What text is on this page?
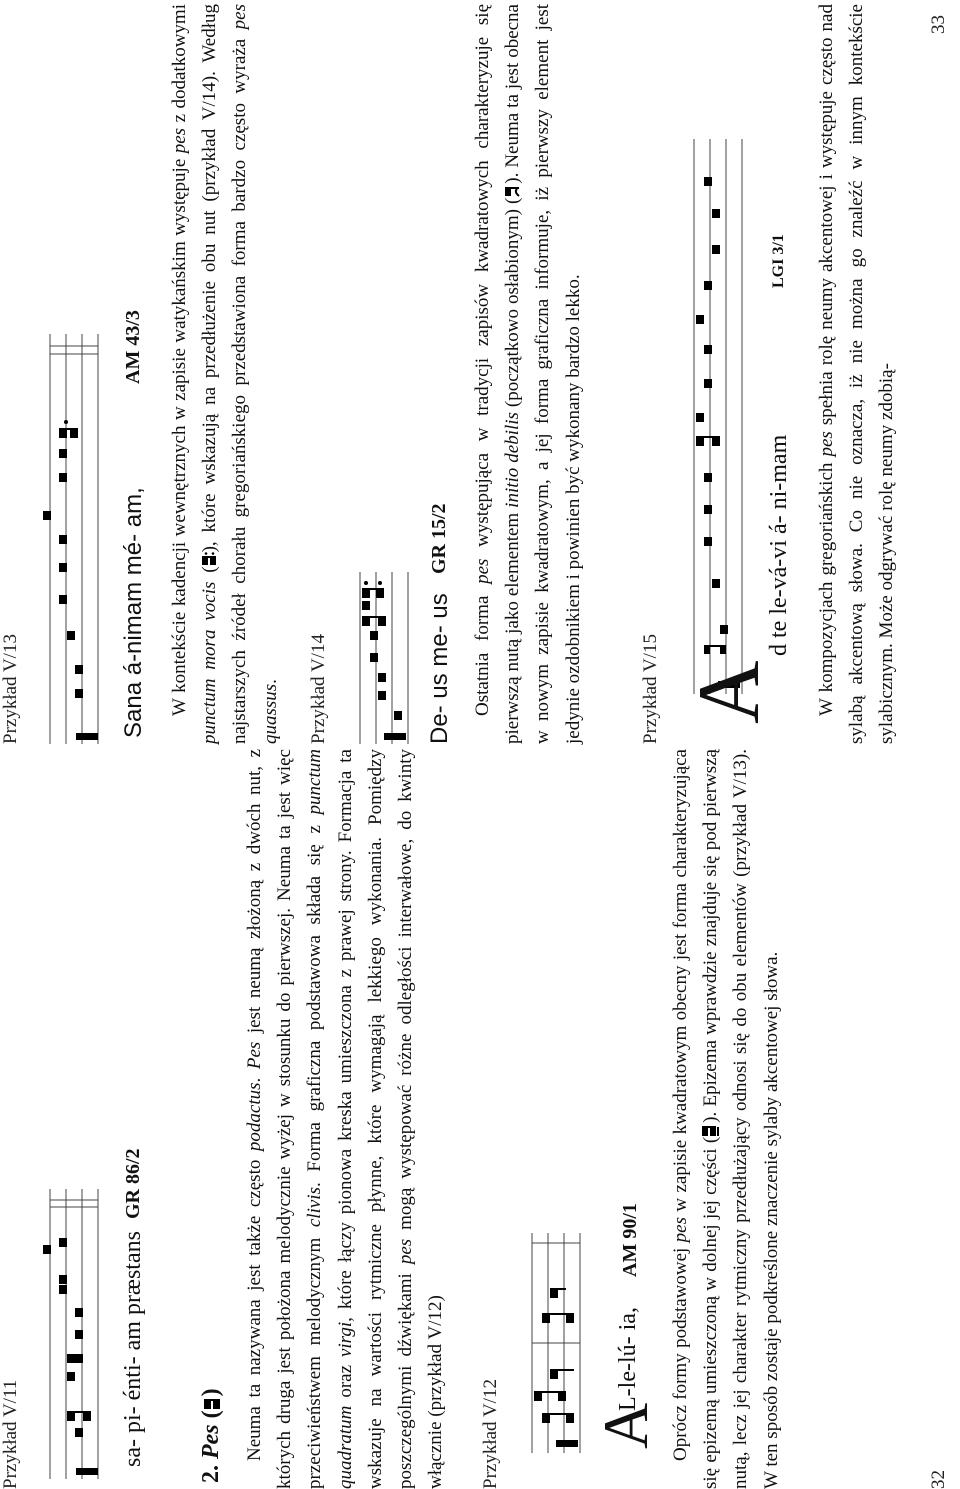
Przykład V/11	sa- pi- énti- am præstans
GR 86/2
2. Pes () Neuma ta nazywana jest także często podactus. Pes jest neumą złożoną z dwóch nut, z których druga jest położona melodycznie wyżej w stosunku do pierwszej. Neuma ta jest więc przeciwieństwem melodycznym clivis. Forma graficzna podstawowa składa się z punctum quadratum oraz virgi, które łączy pionowa kreska umieszczona z prawej strony. Formacja ta wskazuje na wartości rytmiczne płynne, które wymagają lekkiego wykonania. Pomiędzy poszczególnymi dźwiękami pes mogą występować różne odległości interwałowe, do kwinty włącznie (przykład V/12) Przykład V/12 A
L-le-lú- ia,
AM 90/1

Oprócz formy podstawowej pes w zapisie kwadratowym obecny jest forma charakteryzująca się epizemą umieszczoną w dolnej jej części (). Epizema wprawdzie znajduje się pod pierwszą nutą, lecz jej charakter rytmiczny przedłużający odnosi się do obu elementów (przykład V/13). W ten sposób zostaje podkreślone znaczenie sylaby akcentowej słowa.	32
Przykład V/13	Sana á-nimam mé- am,
AM 43/3 W kontekście kadencji wewnętrznych w zapisie watykańskim występuje pes z dodatkowymi punctum mora vocis (), które wskazują na przedłużenie obu nut (przykład V/14). Według najstarszych źródeł chorału gregoriańskiego przedstawiona forma bardzo często wyraża pes quassus. Przykład V/14	De- us me- us
GR 15/2

Ostatnia forma pes występująca w tradycji zapisów kwadratowych charakteryzuje się pierwszą nutą jako elementem initio debilis (początkowo osłabionym) (). Neuma ta jest obecna w nowym zapisie kwadratowym, a jej forma graficzna informuje, iż pierwszy element jest jedynie ozdobnikiem i powinien być wykonany bardzo lekko.	Przykład V/15 A
d te le-vá-vi á- ni-mam
LGI 3/1

W kompozycjach gregoriańskich pes spełnia rolę neumy akcentowej i występuje często nad sylabą akcentową słowa. Co nie oznacza, iż nie można go znaleźć w innym kontekście sylabicznym. Może odgrywać rolę neumy zdobią-

33
